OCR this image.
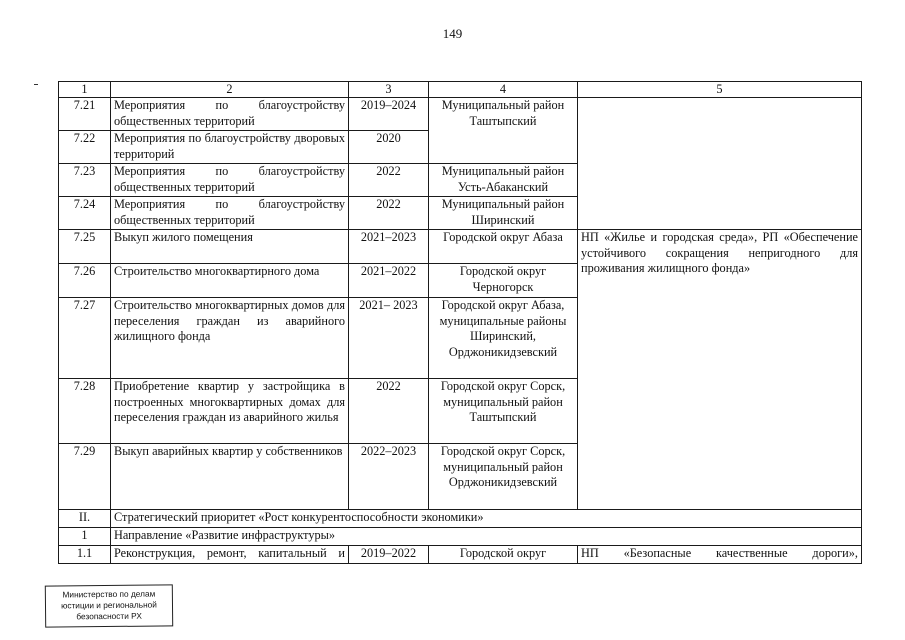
149
1	2	3	4	5
7.21	Мероприятия по благоустройству общественных территорий	2019–2024	Муниципальный район Таштыпский	
7.22	Мероприятия по благоустройству дворовых территорий	2020		
7.23	Мероприятия по благоустройству общественных территорий	2022	Муниципальный район Усть-Абаканский	
7.24	Мероприятия по благоустройству общественных территорий	2022	Муниципальный район Ширинский	
7.25	Выкуп жилого помещения	2021–2023	Городской округ Абаза	НП «Жилье и городская среда», РП «Обеспечение устойчивого сокращения непригодного для проживания жилищного фонда»
7.26	Строительство многоквартирного дома	2021–2022	Городской округ Черногорск	
7.27	Строительство многоквартирных домов для переселения граждан из аварийного жилищного фонда	2021– 2023	Городской округ Абаза, муниципальные районы Ширинский, Орджоникидзевский	
7.28	Приобретение квартир у застройщика в построенных многоквартирных домах для переселения граждан из аварийного жилья	2022	Городской округ Сорск, муниципальный район Таштыпский	
7.29	Выкуп аварийных квартир у собственников	2022–2023	Городской округ Сорск, муниципальный район Орджоникидзевский	
II.	Стратегический приоритет «Рост конкурентоспособности экономики»			
1	Направление «Развитие инфраструктуры»			
1.1	Реконструкция, ремонт, капитальный и	2019–2022	Городской округ	НП «Безопасные качественные дороги»,
Министерство по делам
юстиции и региональной
безопасности РХ
